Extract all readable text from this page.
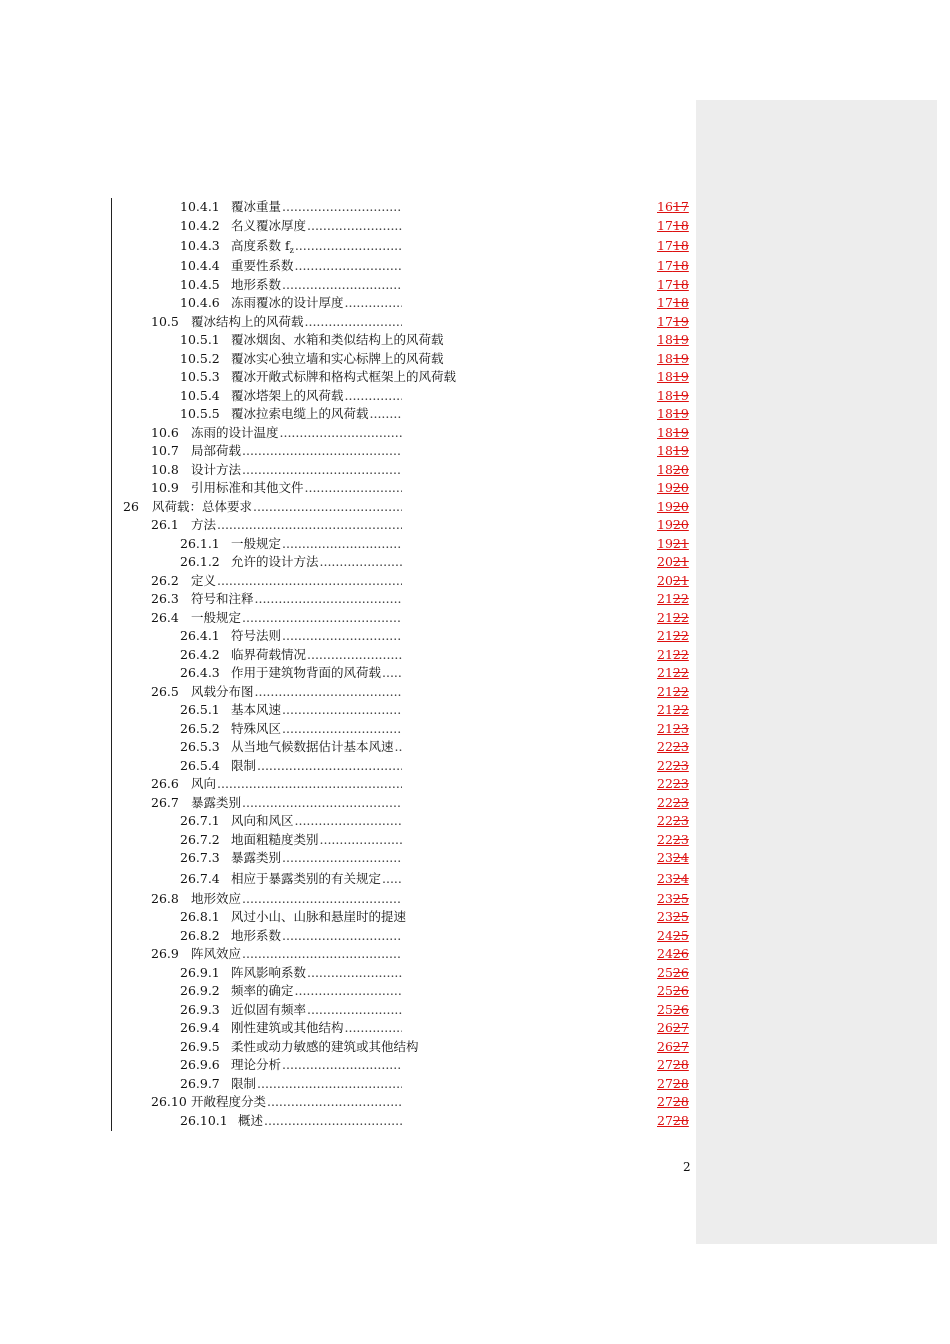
10.4.1 覆冰重量 .....	1617
10.4.2 名义覆冰厚度 .....	1718
10.4.3 高度系数 $f_z$ .....	1718
10.4.4 重要性系数 .....	1718
10.4.5 地形系数 .....	1718
10.4.6 冻雨覆冰的设计厚度 .....	1718
10.5 覆冰结构上的风荷载 .....	1719
10.5.1 覆冰烟囱、水箱和类似结构上的风荷载	1819
10.5.2 覆冰实心独立墙和实心标牌上的风荷载	1819
10.5.3 覆冰开敞式标牌和格构式框架上的风荷载	1819
10.5.4 覆冰塔架上的风荷载 .....	1819
10.5.5 覆冰拉索电缆上的风荷载 .....	1819
10.6 冻雨的设计温度 .....	1819
10.7 局部荷载 .....	1819
10.8 设计方法 .....	1820
10.9 引用标准和其他文件 .....	1920
26 风荷载：总体要求 .....	1920
26.1 方法 .....	1920
26.1.1 一般规定 .....	1921
26.1.2 允许的设计方法 .....	2021
26.2 定义 .....	2021
26.3 符号和注释 .....	2122
26.4 一般规定 .....	2122
26.4.1 符号法则 .....	2122
26.4.2 临界荷载情况 .....	2122
26.4.3 作用于建筑物背面的风荷载 .....	2122
26.5 风载分布图 .....	2122
26.5.1 基本风速 .....	2122
26.5.2 特殊风区 .....	2123
26.5.3 从当地气候数据估计基本风速 .....	2223
26.5.4 限制 .....	2223
26.6 风向 .....	2223
26.7 暴露类别 .....	2223
26.7.1 风向和风区 .....	2223
26.7.2 地面粗糙度类别 .....	2223
26.7.3 暴露类别 .....	2324
26.7.4 相应于暴露类别的有关规定 .....	2324
26.8 地形效应 .....	2325
26.8.1 风过小山、山脉和悬崖时的提速	2325
26.8.2 地形系数 .....	2425
26.9 阵风效应 .....	2426
26.9.1 阵风影响系数 .....	2526
26.9.2 频率的确定 .....	2526
26.9.3 近似固有频率 .....	2526
26.9.4 刚性建筑或其他结构 .....	2627
26.9.5 柔性或动力敏感的建筑或其他结构	2627
26.9.6 理论分析 .....	2728
26.9.7 限制 .....	2728
26.10 开敞程度分类 .....	2728
26.10.1 概述 .....	2728
2
